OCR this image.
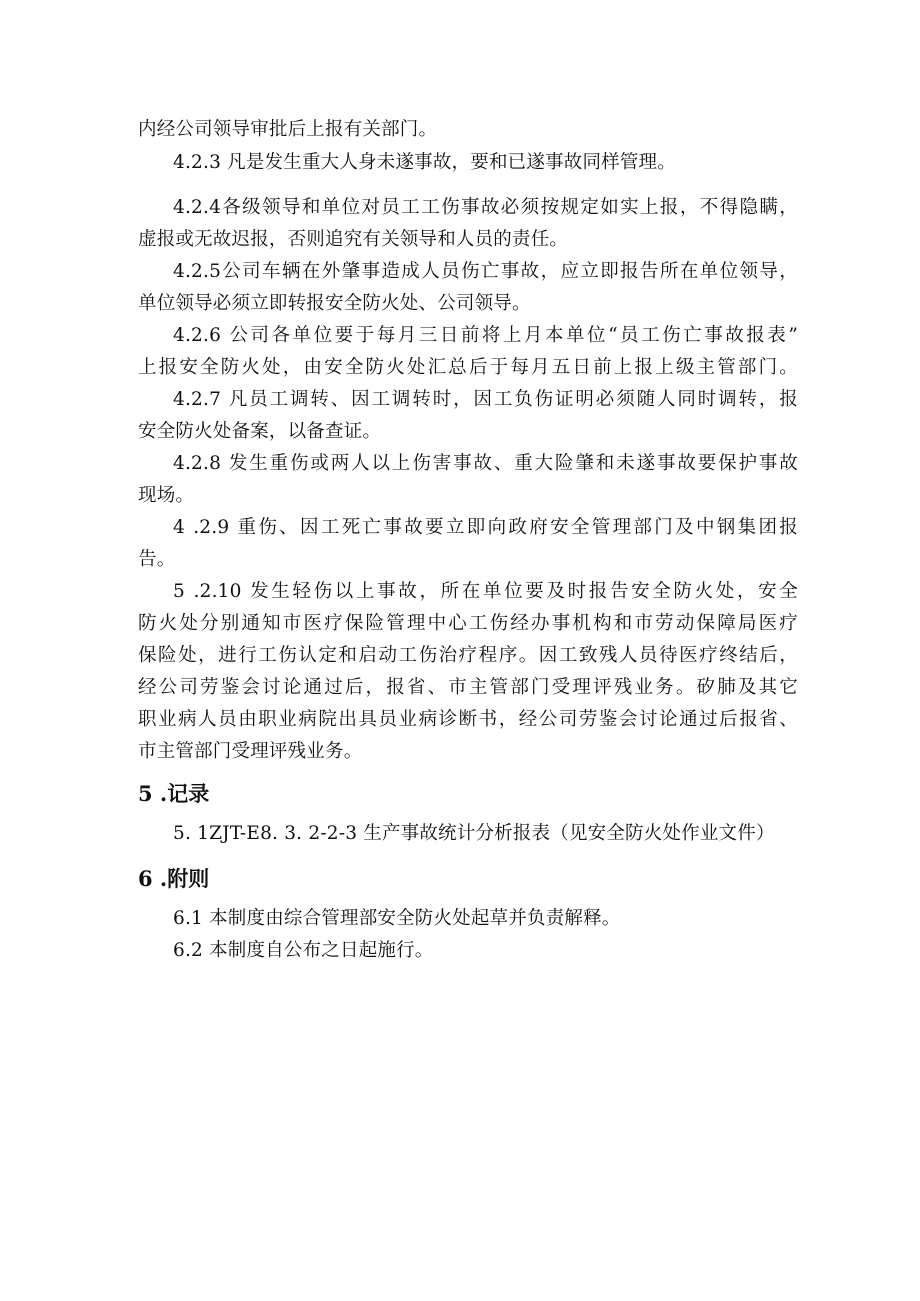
内经公司领导审批后上报有关部门。
4.2.3 凡是发生重大人身未遂事故，要和已遂事故同样管理。
4.2.4各级领导和单位对员工工伤事故必须按规定如实上报，不得隐瞒，
虚报或无故迟报，否则追究有关领导和人员的责任。
4.2.5公司车辆在外肇事造成人员伤亡事故，应立即报告所在单位领导，
单位领导必须立即转报安全防火处、公司领导。
4.2.6 公司各单位要于每月三日前将上月本单位“员工伤亡事故报表”
上报安全防火处，由安全防火处汇总后于每月五日前上报上级主管部门。
4.2.7 凡员工调转、因工调转时，因工负伤证明必须随人同时调转，报
安全防火处备案，以备查证。
4.2.8 发生重伤或两人以上伤害事故、重大险肇和未遂事故要保护事故
现场。
4 .2.9 重伤、因工死亡事故要立即向政府安全管理部门及中钢集团报
告。
5 .2.10 发生轻伤以上事故，所在单位要及时报告安全防火处，安全
防火处分别通知市医疗保险管理中心工伤经办事机构和市劳动保障局医疗
保险处，进行工伤认定和启动工伤治疗程序。因工致残人员待医疗终结后，
经公司劳鉴会讨论通过后，报省、市主管部门受理评残业务。矽肺及其它
职业病人员由职业病院出具员业病诊断书，经公司劳鉴会讨论通过后报省、
市主管部门受理评残业务。
5 .记录
5. 1ZJT-E8. 3. 2-2-3 生产事故统计分析报表（见安全防火处作业文件）
6 .附则
6.1 本制度由综合管理部安全防火处起草并负责解释。
6.2 本制度自公布之日起施行。
